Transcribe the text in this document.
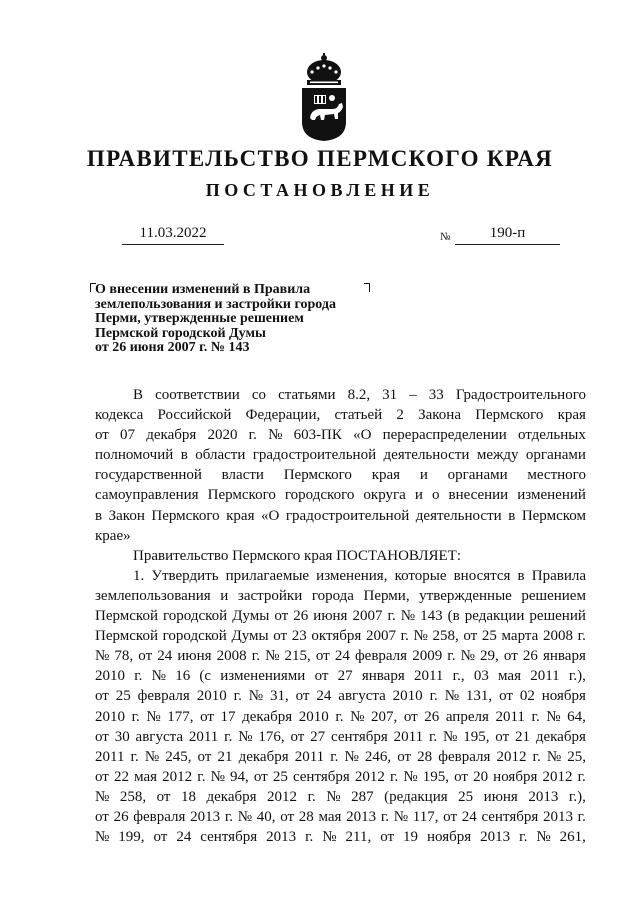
ПРАВИТЕЛЬСТВО ПЕРМСКОГО КРАЯ
ПОСТАНОВЛЕНИЕ
11.03.2022	№	190-п
О внесении изменений в Правила
землепользования и застройки города
Перми, утвержденные решением
Пермской городской Думы
от 26 июня 2007 г. № 143
В соответствии со статьями 8.2, 31 – 33 Градостроительного
кодекса Российской Федерации, статьей 2 Закона Пермского края
от 07 декабря 2020 г. № 603-ПК «О перераспределении отдельных
полномочий в области градостроительной деятельности между органами
государственной власти Пермского края и органами местного
самоуправления Пермского городского округа и о внесении изменений
в Закон Пермского края «О градостроительной деятельности в Пермском
крае»
Правительство Пермского края ПОСТАНОВЛЯЕТ:
1. Утвердить прилагаемые изменения, которые вносятся в Правила
землепользования и застройки города Перми, утвержденные решением
Пермской городской Думы от 26 июня 2007 г. № 143 (в редакции решений
Пермской городской Думы от 23 октября 2007 г. № 258, от 25 марта 2008 г.
№ 78, от 24 июня 2008 г. № 215, от 24 февраля 2009 г. № 29, от 26 января
2010 г. № 16 (с изменениями от 27 января 2011 г., 03 мая 2011 г.),
от 25 февраля 2010 г. № 31, от 24 августа 2010 г. № 131, от 02 ноября
2010 г. № 177, от 17 декабря 2010 г. № 207, от 26 апреля 2011 г. № 64,
от 30 августа 2011 г. № 176, от 27 сентября 2011 г. № 195, от 21 декабря
2011 г. № 245, от 21 декабря 2011 г. № 246, от 28 февраля 2012 г. № 25,
от 22 мая 2012 г. № 94, от 25 сентября 2012 г. № 195, от 20 ноября 2012 г.
№ 258, от 18 декабря 2012 г. № 287 (редакция 25 июня 2013 г.),
от 26 февраля 2013 г. № 40, от 28 мая 2013 г. № 117, от 24 сентября 2013 г.
№ 199, от 24 сентября 2013 г. № 211, от 19 ноября 2013 г. № 261,
